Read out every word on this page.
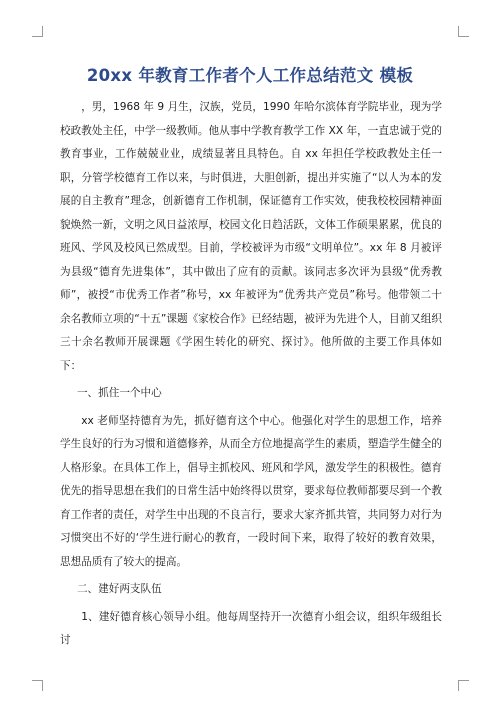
20xx 年教育工作者个人工作总结范文 模板

，男，1968 年 9 月生，汉族，党员，1990 年哈尔滨体育学院毕业，现为学校政教处主任，中学一级教师。他从事中学教育教学工作 XX 年，一直忠诚于党的教育事业，工作兢兢业业，成绩显著且具特色。自 xx 年担任学校政教处主任一职，分管学校德育工作以来，与时俱进，大胆创新，提出并实施了“以人为本的发展的自主教育”理念，创新德育工作机制，保证德育工作实效，使我校校园精神面貌焕然一新，文明之风日益浓厚，校园文化日趋活跃，文体工作硕果累累，优良的班风、学风及校风已然成型。目前，学校被评为市级“文明单位”。xx 年 8 月被评为县级“德育先进集体”，其中做出了应有的贡献。该同志多次评为县级“优秀教师”，被授“市优秀工作者”称号，xx 年被评为“优秀共产党员”称号。他带领二十余名教师立项的“十五”课题《家校合作》已经结题，被评为先进个人，目前又组织三十余名教师开展课题《学困生转化的研究、探讨》。他所做的主要工作具体如下：

一、抓住一个中心

xx 老师坚持德育为先，抓好德育这个中心。他强化对学生的思想工作，培养学生良好的行为习惯和道德修养，从而全方位地提高学生的素质，塑造学生健全的人格形象。在具体工作上，倡导主抓校风、班风和学风，激发学生的积极性。德育优先的指导思想在我们的日常生活中始终得以贯穿，要求每位教师都要尽到一个教育工作者的责任，对学生中出现的不良言行，要求大家齐抓共管，共同努力对行为习惯突出不好的‘学生进行耐心的教育，一段时间下来，取得了较好的教育效果，思想品质有了较大的提高。

二、建好两支队伍

1、建好德育核心领导小组。他每周坚持开一次德育小组会议，组织年级组长讨
